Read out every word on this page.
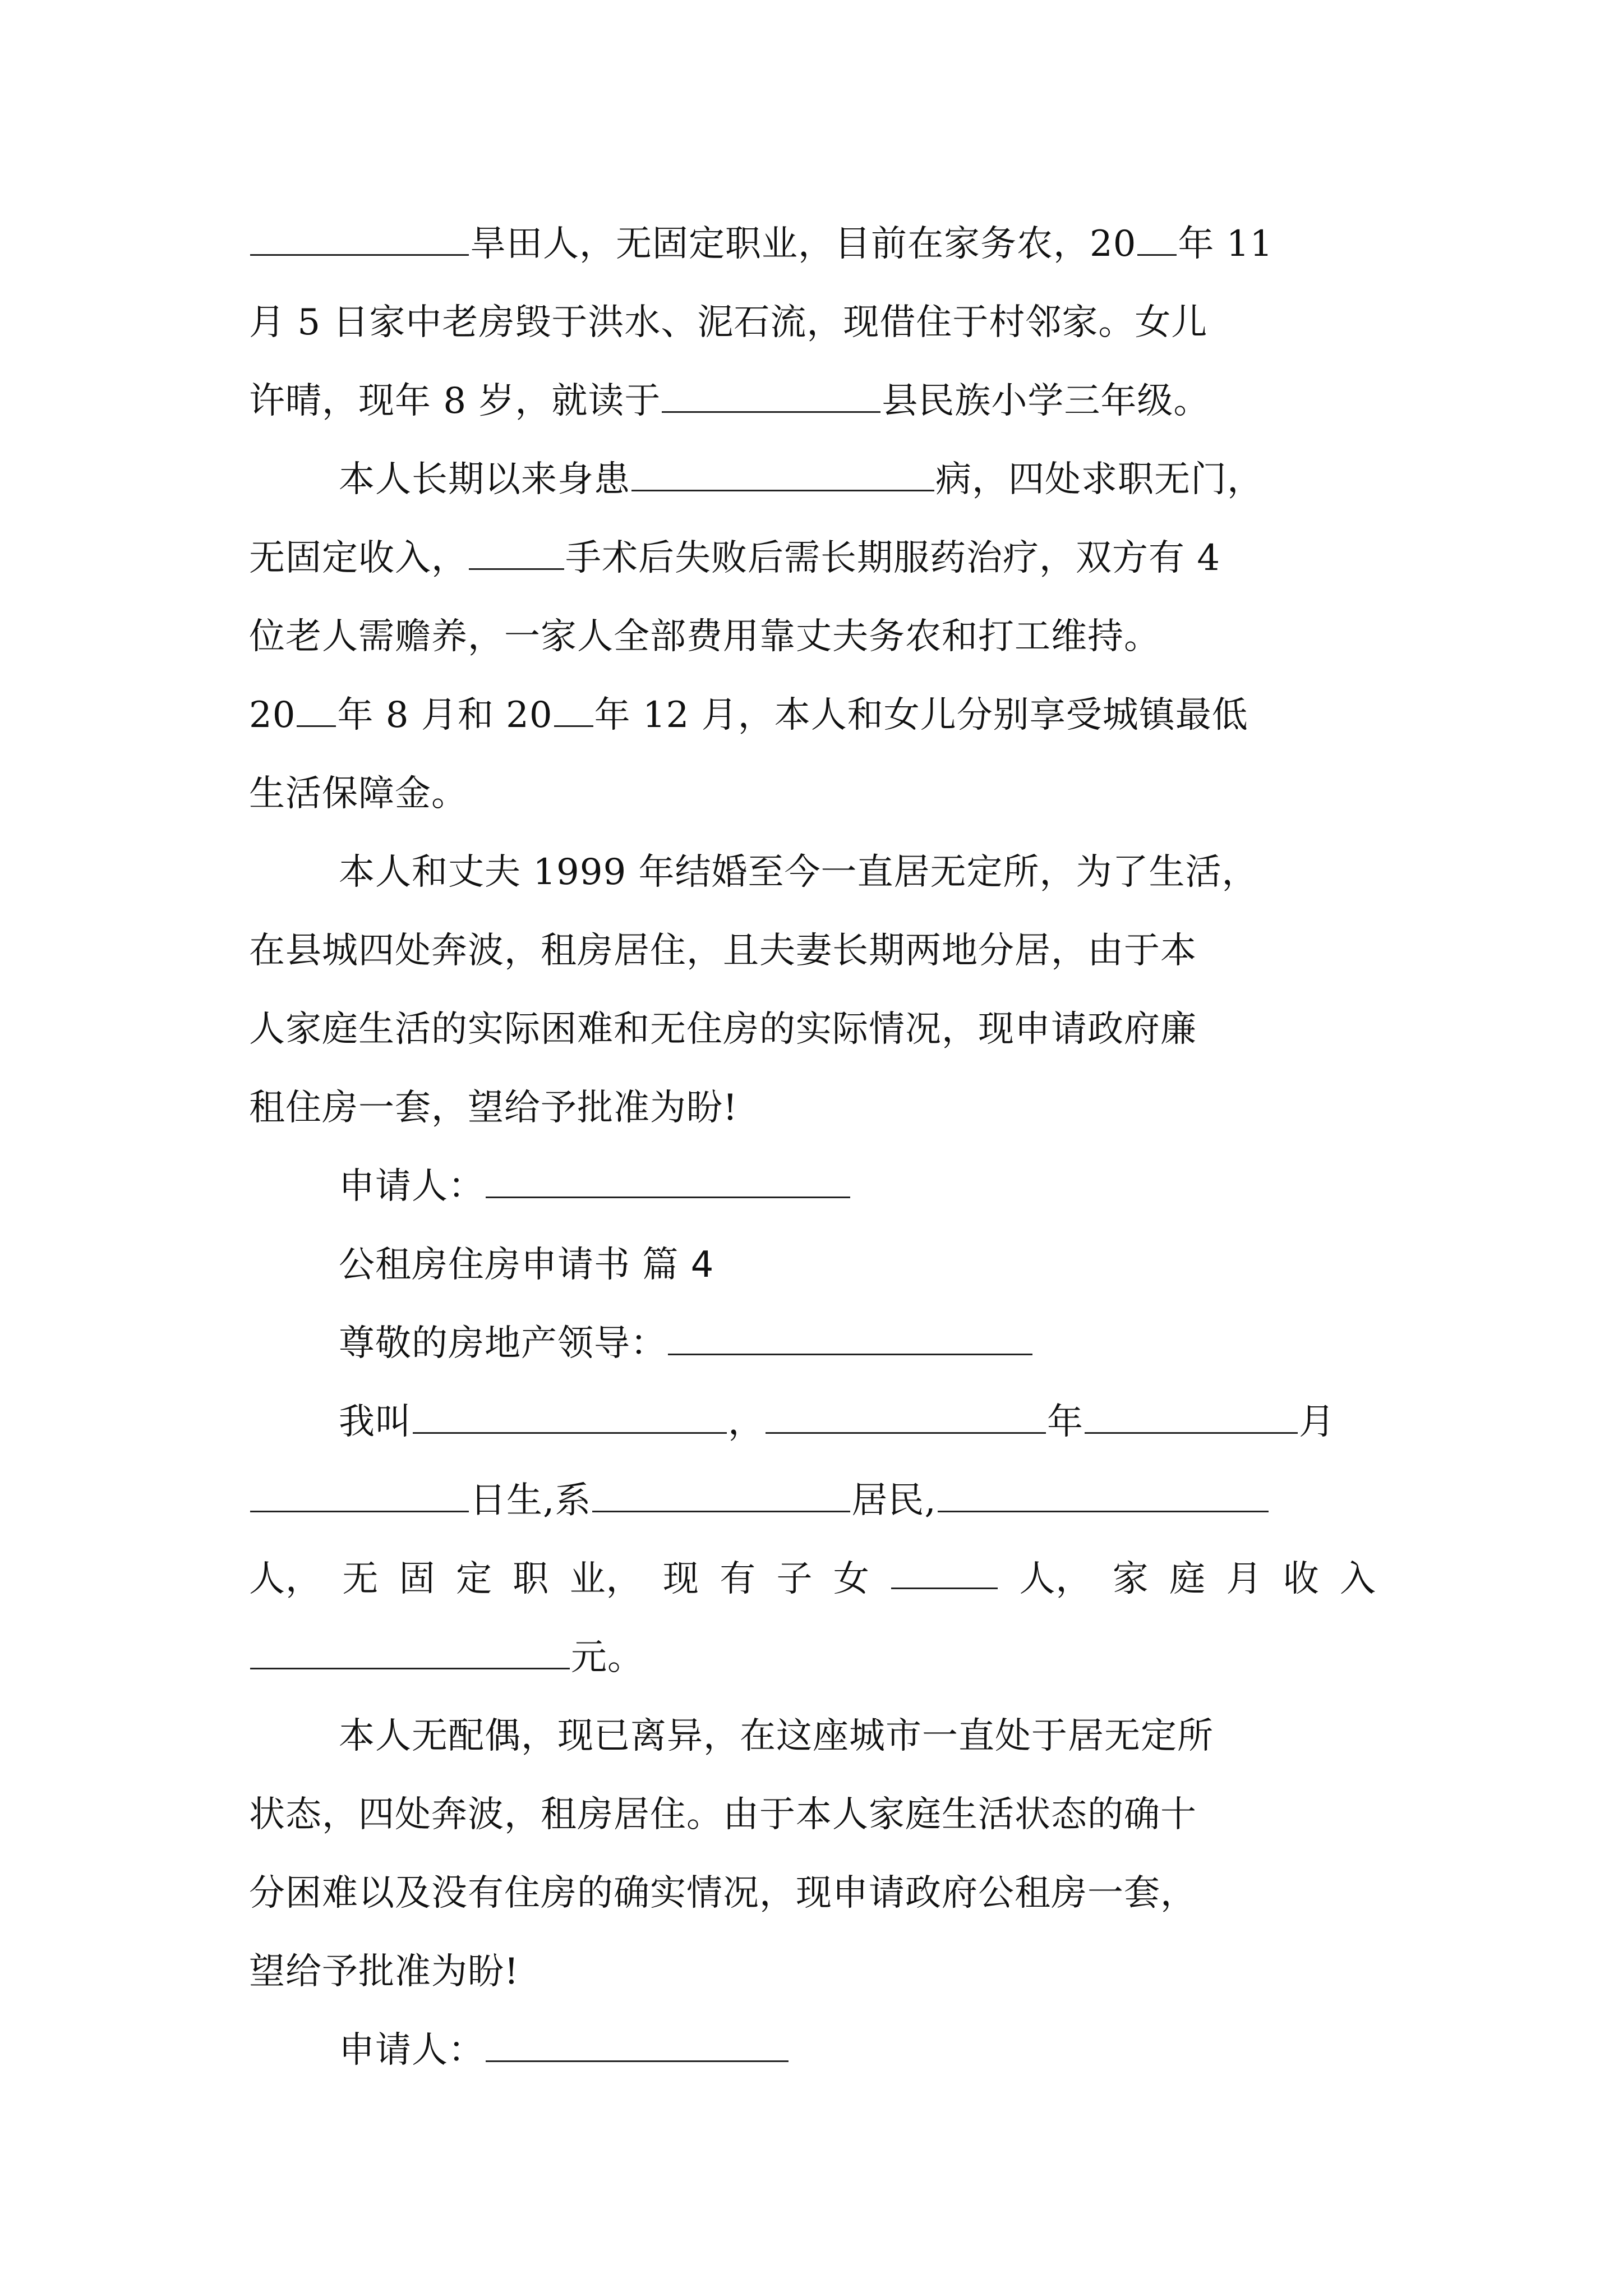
旱田人，无固定职业，目前在家务农，20 年 11
月 5 日家中老房毁于洪水、泥石流，现借住于村邻家。女儿
许晴，现年 8 岁，就读于	县民族小学三年级。
本人长期以来身患	病，四处求职无门，
无固定收入，	手术后失败后需长期服药治疗，双方有 4
位老人需赡养，一家人全部费用靠丈夫务农和打工维持。
20 年 8 月和 20 年 12 月，本人和女儿分别享受城镇最低
生活保障金。
本人和丈夫 1999 年结婚至今一直居无定所，为了生活，
在县城四处奔波，租房居住，且夫妻长期两地分居，由于本
人家庭生活的实际困难和无住房的实际情况，现申请政府廉
租住房一套，望给予批准为盼!
申请人：
公租房住房申请书 篇 4
尊敬的房地产领导：
我叫	，	年	月
日生,系	居民,
人， 无 固 定 职 业， 现 有 子 女	人， 家 庭 月 收 入
元。
本人无配偶，现已离异，在这座城市一直处于居无定所
状态，四处奔波，租房居住。由于本人家庭生活状态的确十
分困难以及没有住房的确实情况，现申请政府公租房一套，
望给予批准为盼!
申请人：
